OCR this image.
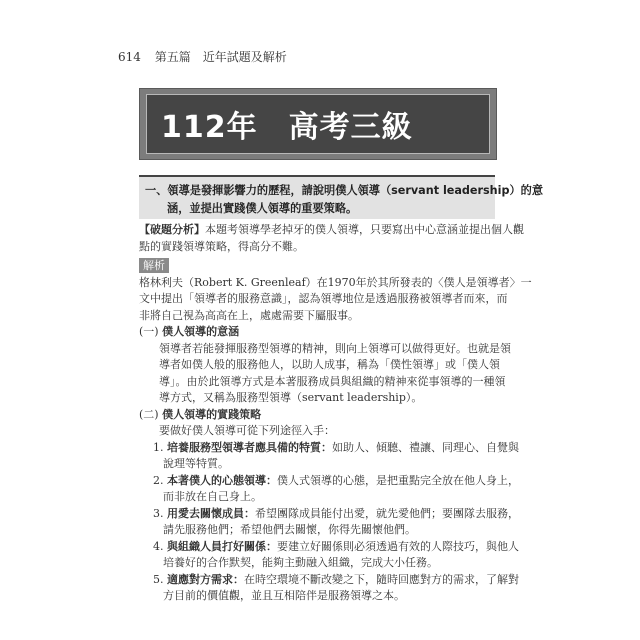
614 第五篇　近年試題及解析
112年　高考三級
一、領導是發揮影響力的歷程，請說明僕人領導（servant leadership）的意
涵，並提出實踐僕人領導的重要策略。
【破題分析】本題考領導學老掉牙的僕人領導，只要寫出中心意涵並提出個人觀
點的實踐領導策略，得高分不難。
解析
格林利夫（Robert K. Greenleaf）在1970年於其所發表的〈僕人是領導者〉一
文中提出「領導者的服務意識」，認為領導地位是透過服務被領導者而來，而
非將自己視為高高在上，處處需要下屬服事。
(一) 僕人領導的意涵
領導者若能發揮服務型領導的精神，則向上領導可以做得更好。也就是領
導者如僕人般的服務他人，以助人成事，稱為「僕性領導」或「僕人領
導」。由於此領導方式是本著服務成員與組織的精神來從事領導的一種領
導方式，又稱為服務型領導（servant leadership）。
(二) 僕人領導的實踐策略
要做好僕人領導可從下列途徑入手：
1. 培養服務型領導者應具備的特質：如助人、傾聽、禮讓、同理心、自覺與
說理等特質。
2. 本著僕人的心態領導：僕人式領導的心態，是把重點完全放在他人身上，
而非放在自己身上。
3. 用愛去關懷成員：希望團隊成員能付出愛，就先愛他們；要團隊去服務，
請先服務他們；希望他們去關懷，你得先關懷他們。
4. 與組織人員打好關係：要建立好關係則必須透過有效的人際技巧，與他人
培養好的合作默契，能夠主動融入組織，完成大小任務。
5. 適應對方需求：在時空環境不斷改變之下，隨時回應對方的需求，了解對
方目前的價值觀，並且互相陪伴是服務領導之本。
